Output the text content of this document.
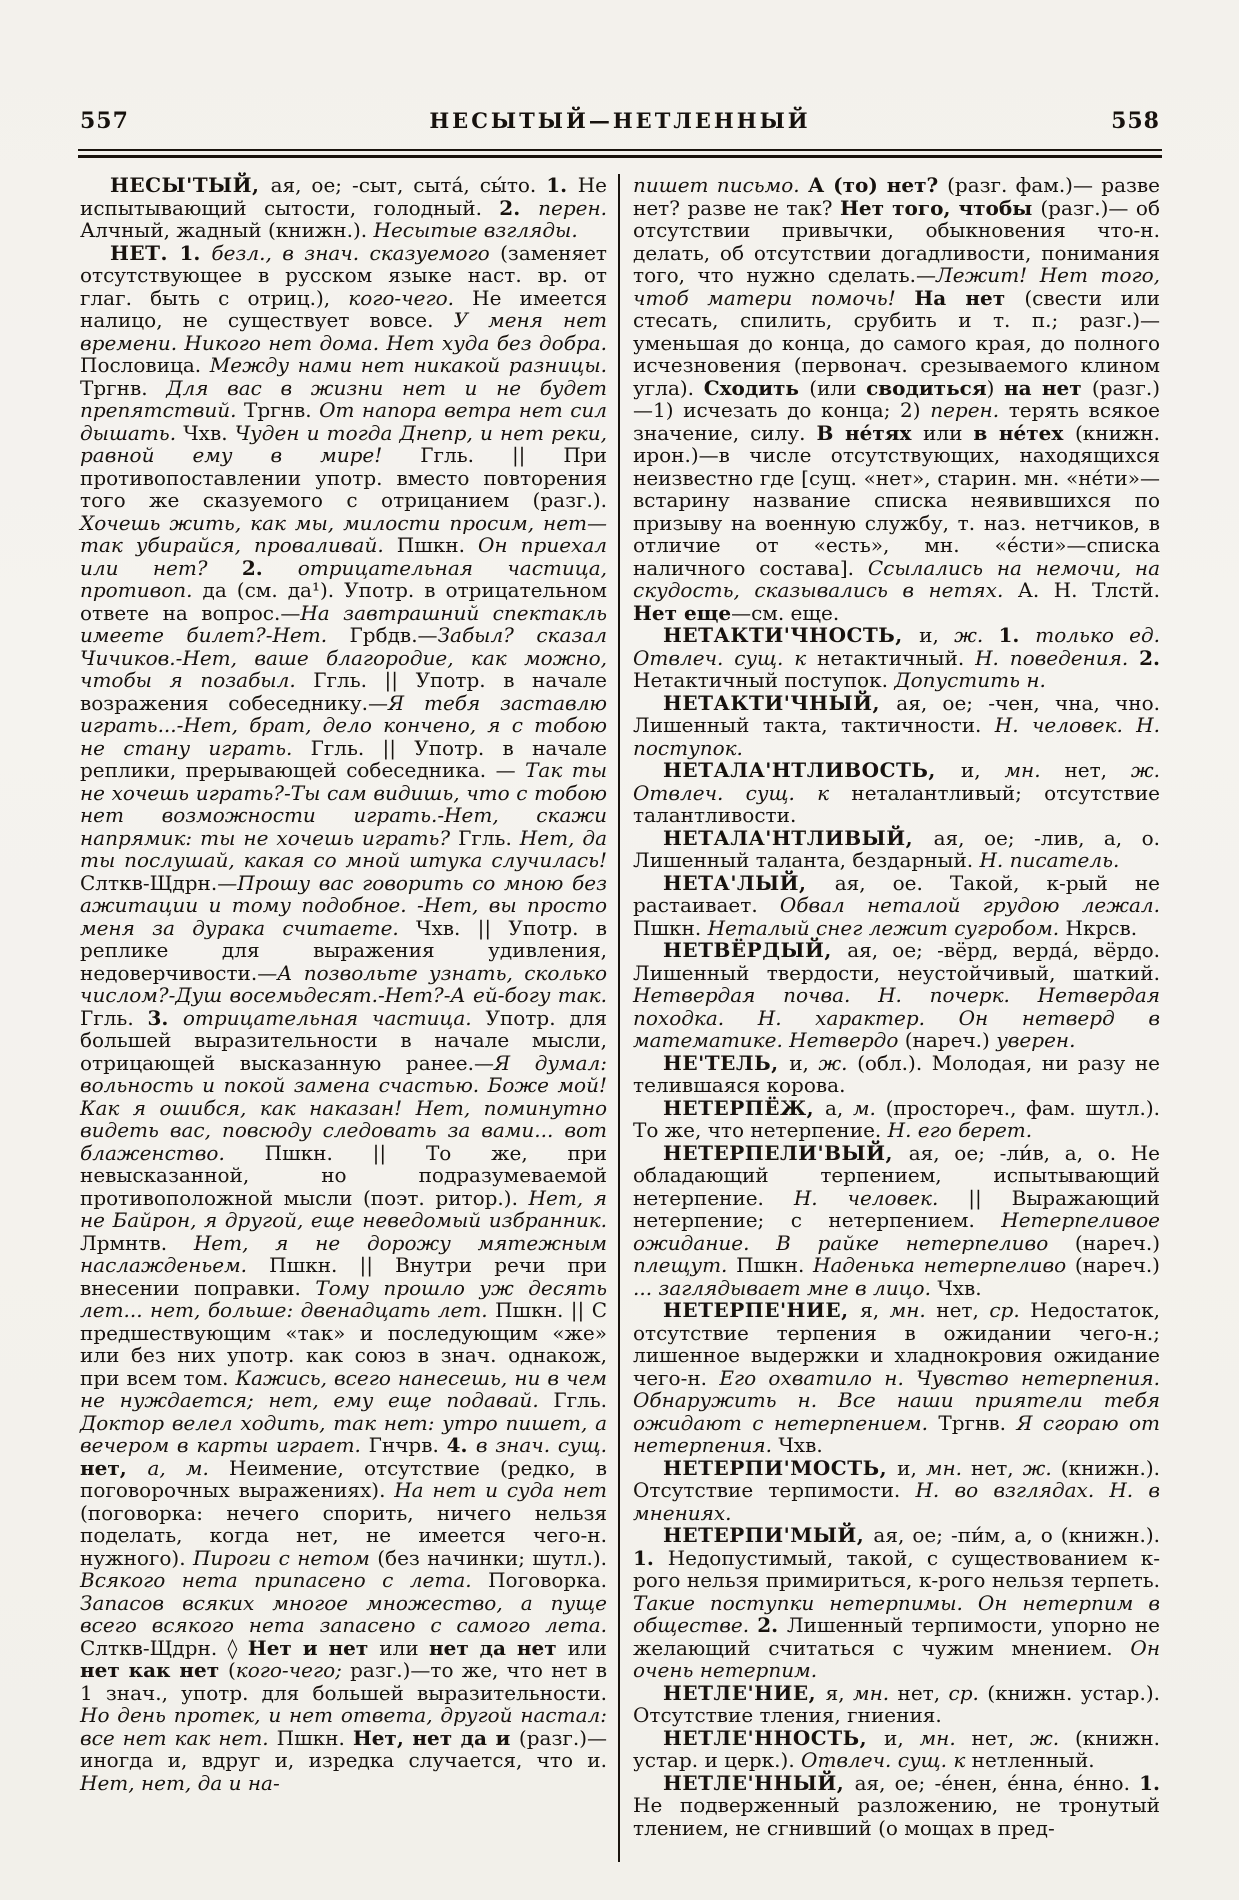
557	НЕСЫТЫЙ—НЕТЛЕННЫЙ	558

НЕСЫ'ТЫЙ, ая, ое; -сыт, сыта́, сы́то. 1. Не испытывающий сытости, голодный. 2. перен. Алчный, жадный (книжн.). Несытые взгляды.

НЕТ. 1. безл., в знач. сказуемого (заменяет отсутствующее в русском языке наст. вр. от глаг. быть с отриц.), кого-чего. Не имеется налицо, не существует вовсе. У меня нет времени. Никого нет дома. Нет худа без добра. Пословица. Между нами нет никакой разницы. Тргнв. Для вас в жизни нет и не будет препятствий. Тргнв. От напора ветра нет сил дышать. Чхв. Чуден и тогда Днепр, и нет реки, равной ему в мире! Ггль. || При противопоставлении употр. вместо повторения того же сказуемого с отрицанием (разг.). Хочешь жить, как мы, милости просим, нет—так убирайся, проваливай. Пшкн. Он приехал или нет? 2. отрицательная частица, противоп. да (см. да¹). Употр. в отрицательном ответе на вопрос.—На завтрашний спектакль имеете билет?-Нет. Грбдв.—Забыл? сказал Чичиков.-Нет, ваше благородие, как можно, чтобы я позабыл. Ггль. || Употр. в начале возражения собеседнику.—Я тебя заставлю играть...-Нет, брат, дело кончено, я с тобою не стану играть. Ггль. || Употр. в начале реплики, прерывающей собеседника. — Так ты не хочешь играть?-Ты сам видишь, что с тобою нет возможности играть.-Нет, скажи напрямик: ты не хочешь играть? Ггль. Нет, да ты послушай, какая со мной штука случилась! Слткв-Щдрн.—Прошу вас говорить со мною без ажитации и тому подобное. -Нет, вы просто меня за дурака считаете. Чхв. || Употр. в реплике для выражения удивления, недоверчивости.—А позвольте узнать, сколько числом?-Душ восемьдесят.-Нет?-А ей-богу так. Ггль. 3. отрицательная частица. Употр. для большей выразительности в начале мысли, отрицающей высказанную ранее.—Я думал: вольность и покой замена счастью. Боже мой! Как я ошибся, как наказан! Нет, поминутно видеть вас, повсюду следовать за вами... вот блаженство. Пшкн. || То же, при невысказанной, но подразумеваемой противоположной мысли (поэт. ритор.). Нет, я не Байрон, я другой, еще неведомый избранник. Лрмнтв. Нет, я не дорожу мятежным наслажденьем. Пшкн. || Внутри речи при внесении поправки. Тому прошло уж десять лет... нет, больше: двенадцать лет. Пшкн. || С предшествующим «так» и последующим «же» или без них употр. как союз в знач. однакож, при всем том. Кажись, всего нанесешь, ни в чем не нуждается; нет, ему еще подавай. Ггль. Доктор велел ходить, так нет: утро пишет, а вечером в карты играет. Гнчрв. 4. в знач. сущ. нет, а, м. Неимение, отсутствие (редко, в поговорочных выражениях). На нет и суда нет (поговорка: нечего спорить, ничего нельзя поделать, когда нет, не имеется чего-н. нужного). Пироги с нетом (без начинки; шутл.). Всякого нета припасено с лета. Поговорка. Запасов всяких многое множество, а пуще всего всякого нета запасено с самого лета. Слткв-Щдрн. ◊ Нет и нет или нет да нет или нет как нет (кого-чего; разг.)—то же, что нет в 1 знач., употр. для большей выразительности. Но день протек, и нет ответа, другой настал: все нет как нет. Пшкн. Нет, нет да и (разг.)—иногда и, вдруг и, изредка случается, что и. Нет, нет, да и на-

пишет письмо. А (то) нет? (разг. фам.)— разве нет? разве не так? Нет того, чтобы (разг.)— об отсутствии привычки, обыкновения что-н. делать, об отсутствии догадливости, понимания того, что нужно сделать.—Лежит! Нет того, чтоб матери помочь! На нет (свести или стесать, спилить, срубить и т. п.; разг.)— уменьшая до конца, до самого края, до полного исчезновения (первонач. срезываемого клином угла). Сходить (или сводиться) на нет (разг.)—1) исчезать до конца; 2) перен. терять всякое значение, силу. В не́тях или в не́тех (книжн. ирон.)—в числе отсутствующих, находящихся неизвестно где [сущ. «нет», старин. мн. «не́ти»—встарину название списка неявившихся по призыву на военную службу, т. наз. нетчиков, в отличие от «есть», мн. «е́сти»—списка наличного состава]. Ссылались на немочи, на скудость, сказывались в нетях. А. Н. Тлстй. Нет еще—см. еще.

НЕТАКТИ'ЧНОСТЬ, и, ж. 1. только ед. Отвлеч. сущ. к нетактичный. Н. поведения. 2. Нетактичный поступок. Допустить н.

НЕТАКТИ'ЧНЫЙ, ая, ое; -чен, чна, чно. Лишенный такта, тактичности. Н. человек. Н. поступок.

НЕТАЛА'НТЛИВОСТЬ, и, мн. нет, ж. Отвлеч. сущ. к неталантливый; отсутствие талантливости.

НЕТАЛА'НТЛИВЫЙ, ая, ое; -лив, а, о. Лишенный таланта, бездарный. Н. писатель.

НЕТА'ЛЫЙ, ая, ое. Такой, к-рый не растаивает. Обвал неталой грудою лежал. Пшкн. Неталый снег лежит сугробом. Нкрсв.

НЕТВЁРДЫЙ, ая, ое; -вёрд, верда́, вёрдо. Лишенный твердости, неустойчивый, шаткий. Нетвердая почва. Н. почерк. Нетвердая походка. Н. характер. Он нетверд в математике. Нетвердо (нареч.) уверен.

НЕ'ТЕЛЬ, и, ж. (обл.). Молодая, ни разу не телившаяся корова.

НЕТЕРПЁЖ, а, м. (простореч., фам. шутл.). То же, что нетерпение. Н. его берет.

НЕТЕРПЕЛИ'ВЫЙ, ая, ое; -ли́в, а, о. Не обладающий терпением, испытывающий нетерпение. Н. человек. || Выражающий нетерпение; с нетерпением. Нетерпеливое ожидание. В райке нетерпеливо (нареч.) плещут. Пшкн. Наденька нетерпеливо (нареч.) ... заглядывает мне в лицо. Чхв.

НЕТЕРПЕ'НИЕ, я, мн. нет, ср. Недостаток, отсутствие терпения в ожидании чего-н.; лишенное выдержки и хладнокровия ожидание чего-н. Его охватило н. Чувство нетерпения. Обнаружить н. Все наши приятели тебя ожидают с нетерпением. Тргнв. Я сгораю от нетерпения. Чхв.

НЕТЕРПИ'МОСТЬ, и, мн. нет, ж. (книжн.). Отсутствие терпимости. Н. во взглядах. Н. в мнениях.

НЕТЕРПИ'МЫЙ, ая, ое; -пи́м, а, о (книжн.). 1. Недопустимый, такой, с существованием к-рого нельзя примириться, к-рого нельзя терпеть. Такие поступки нетерпимы. Он нетерпим в обществе. 2. Лишенный терпимости, упорно не желающий считаться с чужим мнением. Он очень нетерпим.

НЕТЛЕ'НИЕ, я, мн. нет, ср. (книжн. устар.). Отсутствие тления, гниения.

НЕТЛЕ'ННОСТЬ, и, мн. нет, ж. (книжн. устар. и церк.). Отвлеч. сущ. к нетленный.

НЕТЛЕ'ННЫЙ, ая, ое; -е́нен, е́нна, е́нно. 1. Не подверженный разложению, не тронутый тлением, не сгнивший (о мощах в пред-
